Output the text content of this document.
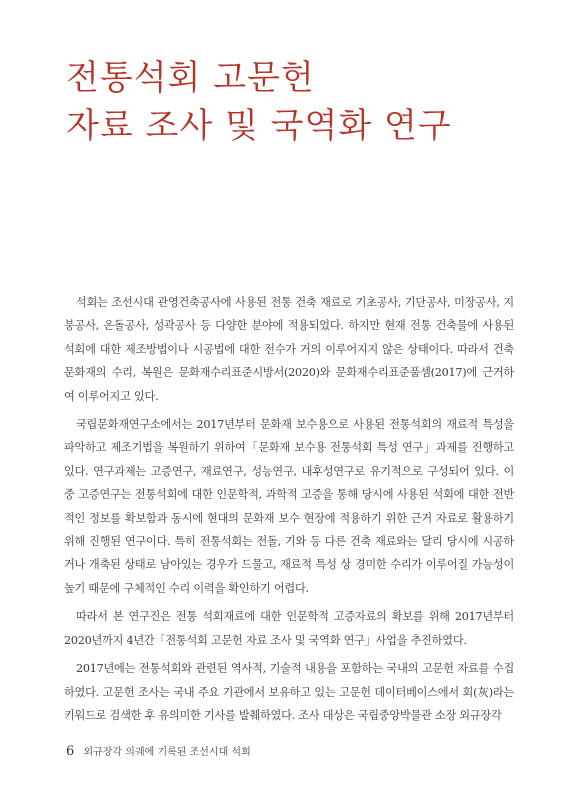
전통석회 고문헌
자료 조사 및 국역화 연구

석회는 조선시대 관영건축공사에 사용된 전통 건축 재료로 기초공사, 기단공사, 미장공사, 지붕공사, 온돌공사, 성곽공사 등 다양한 분야에 적용되었다. 하지만 현재 전통 건축물에 사용된 석회에 대한 제조방법이나 시공법에 대한 전수가 거의 이루어지지 않은 상태이다. 따라서 건축 문화재의 수리, 복원은 문화재수리표준시방서(2020)와 문화재수리표준품셈(2017)에 근거하여 이루어지고 있다.

국립문화재연구소에서는 2017년부터 문화재 보수용으로 사용된 전통석회의 재료적 특성을 파악하고 제조기법을 복원하기 위하여「문화재 보수용 전통석회 특성 연구」과제를 진행하고 있다. 연구과제는 고증연구, 재료연구, 성능연구, 내후성연구로 유기적으로 구성되어 있다. 이 중 고증연구는 전통석회에 대한 인문학적, 과학적 고증을 통해 당시에 사용된 석회에 대한 전반적인 정보를 확보함과 동시에 현대의 문화재 보수 현장에 적용하기 위한 근거 자료로 활용하기 위해 진행된 연구이다. 특히 전통석회는 전돌, 기와 등 다른 건축 재료와는 달리 당시에 시공하거나 개축된 상태로 남아있는 경우가 드물고, 재료적 특성 상 경미한 수리가 이루어질 가능성이 높기 때문에 구체적인 수리 이력을 확인하기 어렵다.

따라서 본 연구진은 전통 석회재료에 대한 인문학적 고증자료의 확보를 위해 2017년부터 2020년까지 4년간「전통석회 고문헌 자료 조사 및 국역화 연구」사업을 추진하였다.

2017년에는 전통석회와 관련된 역사적, 기술적 내용을 포함하는 국내의 고문헌 자료를 수집하였다. 고문헌 조사는 국내 주요 기관에서 보유하고 있는 고문헌 데이터베이스에서 회(灰)라는 키워드로 검색한 후 유의미한 기사를 발췌하였다. 조사 대상은 국립중앙박물관 소장 외규장각

6 외규장각 의궤에 기록된 조선시대 석회
